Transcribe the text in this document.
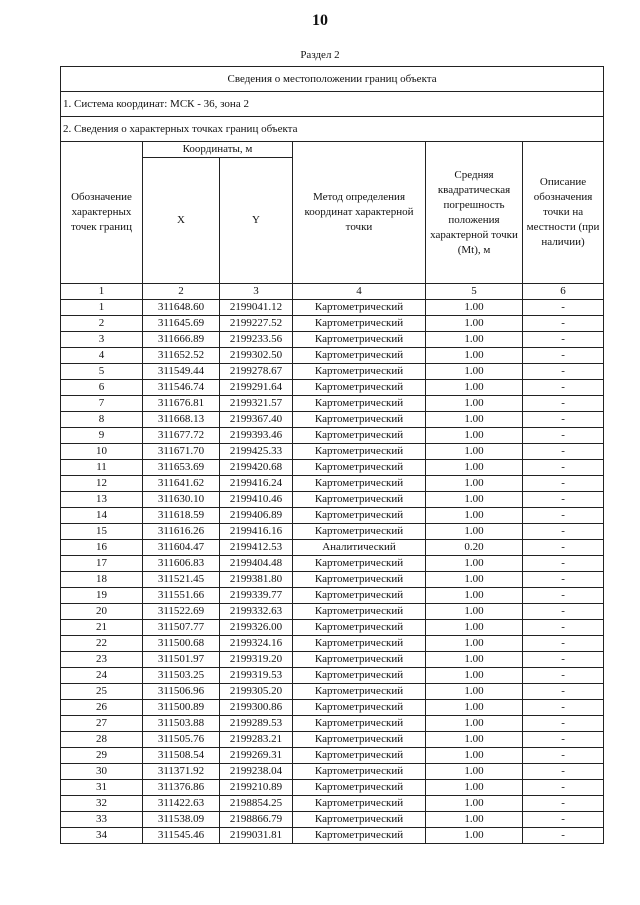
10
Раздел 2
Сведения о местоположении границ объекта					
1. Система координат: МСК - 36, зона 2					
2. Сведения о характерных точках границ объекта					
Обозначение характерных точек границ	Координаты, м		Метод определения координат характерной точки	Средняя квадратическая погрешность положения характерной точки (Mt), м	Описание обозначения точки на местности (при наличии)
	X	Y			
1	2	3	4	5	6
1	311648.60	2199041.12	Картометрический	1.00	-
2	311645.69	2199227.52	Картометрический	1.00	-
3	311666.89	2199233.56	Картометрический	1.00	-
4	311652.52	2199302.50	Картометрический	1.00	-
5	311549.44	2199278.67	Картометрический	1.00	-
6	311546.74	2199291.64	Картометрический	1.00	-
7	311676.81	2199321.57	Картометрический	1.00	-
8	311668.13	2199367.40	Картометрический	1.00	-
9	311677.72	2199393.46	Картометрический	1.00	-
10	311671.70	2199425.33	Картометрический	1.00	-
11	311653.69	2199420.68	Картометрический	1.00	-
12	311641.62	2199416.24	Картометрический	1.00	-
13	311630.10	2199410.46	Картометрический	1.00	-
14	311618.59	2199406.89	Картометрический	1.00	-
15	311616.26	2199416.16	Картометрический	1.00	-
16	311604.47	2199412.53	Аналитический	0.20	-
17	311606.83	2199404.48	Картометрический	1.00	-
18	311521.45	2199381.80	Картометрический	1.00	-
19	311551.66	2199339.77	Картометрический	1.00	-
20	311522.69	2199332.63	Картометрический	1.00	-
21	311507.77	2199326.00	Картометрический	1.00	-
22	311500.68	2199324.16	Картометрический	1.00	-
23	311501.97	2199319.20	Картометрический	1.00	-
24	311503.25	2199319.53	Картометрический	1.00	-
25	311506.96	2199305.20	Картометрический	1.00	-
26	311500.89	2199300.86	Картометрический	1.00	-
27	311503.88	2199289.53	Картометрический	1.00	-
28	311505.76	2199283.21	Картометрический	1.00	-
29	311508.54	2199269.31	Картометрический	1.00	-
30	311371.92	2199238.04	Картометрический	1.00	-
31	311376.86	2199210.89	Картометрический	1.00	-
32	311422.63	2198854.25	Картометрический	1.00	-
33	311538.09	2198866.79	Картометрический	1.00	-
34	311545.46	2199031.81	Картометрический	1.00	-
